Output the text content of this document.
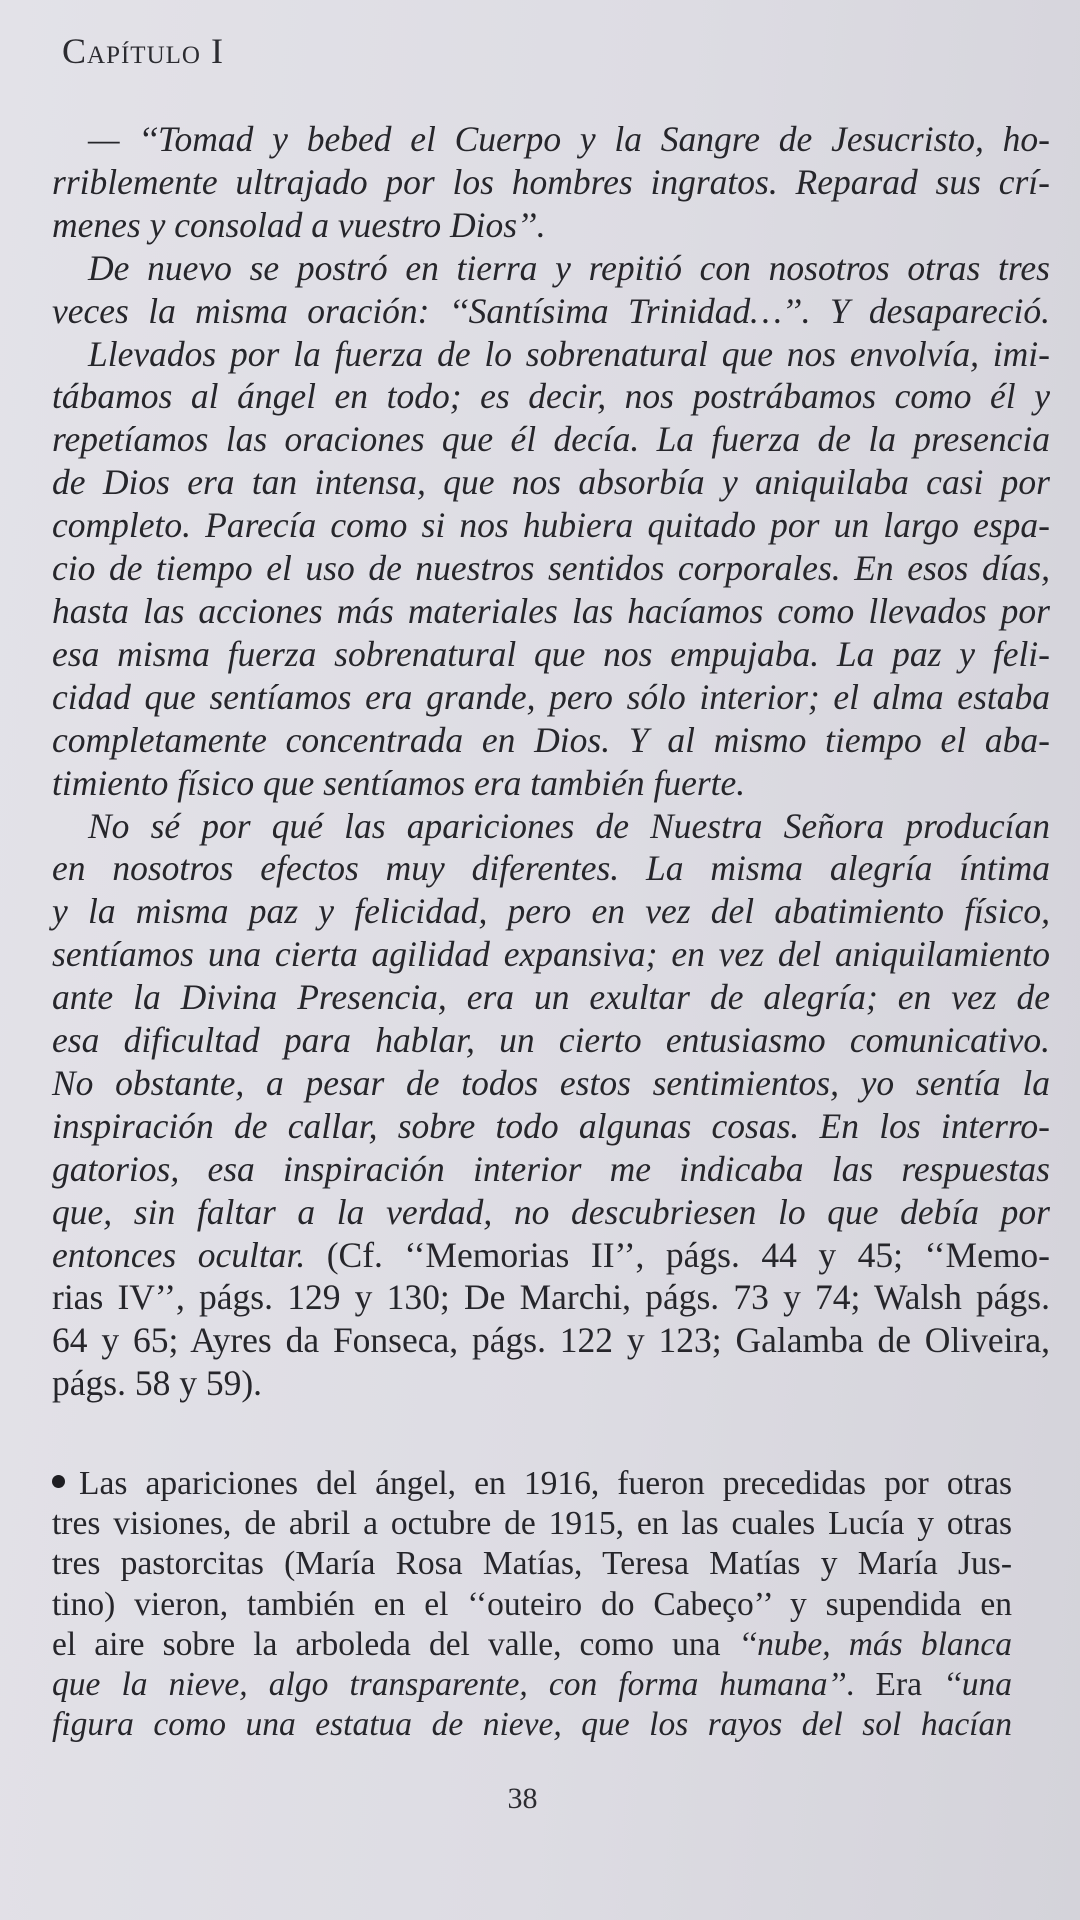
Capítulo I
— ‘‘Tomad y bebed el Cuerpo y la Sangre de Jesucristo, ho-
rriblemente ultrajado por los hombres ingratos. Reparad sus crí-
menes y consolad a vuestro Dios’’.
De nuevo se postró en tierra y repitió con nosotros otras tres
veces la misma oración: ‘‘Santísima Trinidad…’’. Y desapareció.
Llevados por la fuerza de lo sobrenatural que nos envolvía, imi-
tábamos al ángel en todo; es decir, nos postrábamos como él y
repetíamos las oraciones que él decía. La fuerza de la presencia
de Dios era tan intensa, que nos absorbía y aniquilaba casi por
completo. Parecía como si nos hubiera quitado por un largo espa-
cio de tiempo el uso de nuestros sentidos corporales. En esos días,
hasta las acciones más materiales las hacíamos como llevados por
esa misma fuerza sobrenatural que nos empujaba. La paz y feli-
cidad que sentíamos era grande, pero sólo interior; el alma estaba
completamente concentrada en Dios. Y al mismo tiempo el aba-
timiento físico que sentíamos era también fuerte.
No sé por qué las apariciones de Nuestra Señora producían
en nosotros efectos muy diferentes. La misma alegría íntima
y la misma paz y felicidad, pero en vez del abatimiento físico,
sentíamos una cierta agilidad expansiva; en vez del aniquilamiento
ante la Divina Presencia, era un exultar de alegría; en vez de
esa dificultad para hablar, un cierto entusiasmo comunicativo.
No obstante, a pesar de todos estos sentimientos, yo sentía la
inspiración de callar, sobre todo algunas cosas. En los interro-
gatorios, esa inspiración interior me indicaba las respuestas
que, sin faltar a la verdad, no descubriesen lo que debía por
entonces ocultar. (Cf. ‘‘Memorias II’’, págs. 44 y 45; ‘‘Memo-
rias IV’’, págs. 129 y 130; De Marchi, págs. 73 y 74; Walsh págs.
64 y 65; Ayres da Fonseca, págs. 122 y 123; Galamba de Oliveira,
págs. 58 y 59).
Las apariciones del ángel, en 1916, fueron precedidas por otras
tres visiones, de abril a octubre de 1915, en las cuales Lucía y otras
tres pastorcitas (María Rosa Matías, Teresa Matías y María Jus-
tino) vieron, también en el ‘‘outeiro do Cabeço’’ y supendida en
el aire sobre la arboleda del valle, como una ‘‘nube, más blanca
que la nieve, algo transparente, con forma humana’’. Era ‘‘una
figura como una estatua de nieve, que los rayos del sol hacían
38
